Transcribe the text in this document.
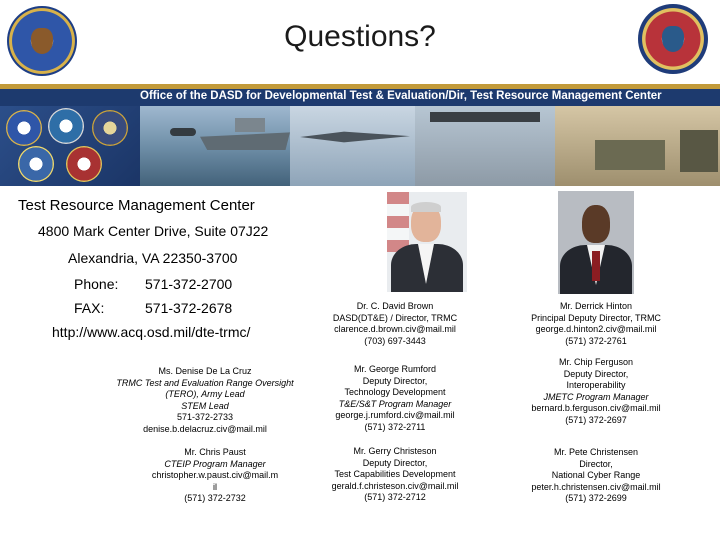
Questions?
Office of the DASD for Developmental Test & Evaluation/Dir, Test Resource Management Center
Test Resource Management Center
4800 Mark Center Drive, Suite 07J22
Alexandria, VA 22350-3700
Phone: 571-372-2700
FAX:	571-372-2678
http://www.acq.osd.mil/dte-trmc/
Dr. C. David Brown
DASD(DT&E) / Director, TRMC
clarence.d.brown.civ@mail.mil
(703) 697-3443
Mr. Derrick Hinton
Principal Deputy Director, TRMC
george.d.hinton2.civ@mail.mil
(571) 372-2761
Ms. Denise De La Cruz
TRMC Test and Evaluation Range Oversight
(TERO), Army Lead
STEM Lead
571-372-2733
denise.b.delacruz.civ@mail.mil
Mr. George Rumford
Deputy Director,
Technology Development
T&E/S&T Program Manager
george.j.rumford.civ@mail.mil
(571) 372-2711
Mr. Chip Ferguson
Deputy Director,
Interoperability
JMETC Program Manager
bernard.b.ferguson.civ@mail.mil
(571) 372-2697
Mr. Chris Paust
CTEIP Program Manager
christopher.w.paust.civ@mail.m
il
(571) 372-2732
Mr. Gerry Christeson
Deputy Director,
Test Capabilities Development
gerald.f.christeson.civ@mail.mil
(571) 372-2712
Mr. Pete Christensen
Director,
National Cyber Range
peter.h.christensen.civ@mail.mil
(571) 372-2699
